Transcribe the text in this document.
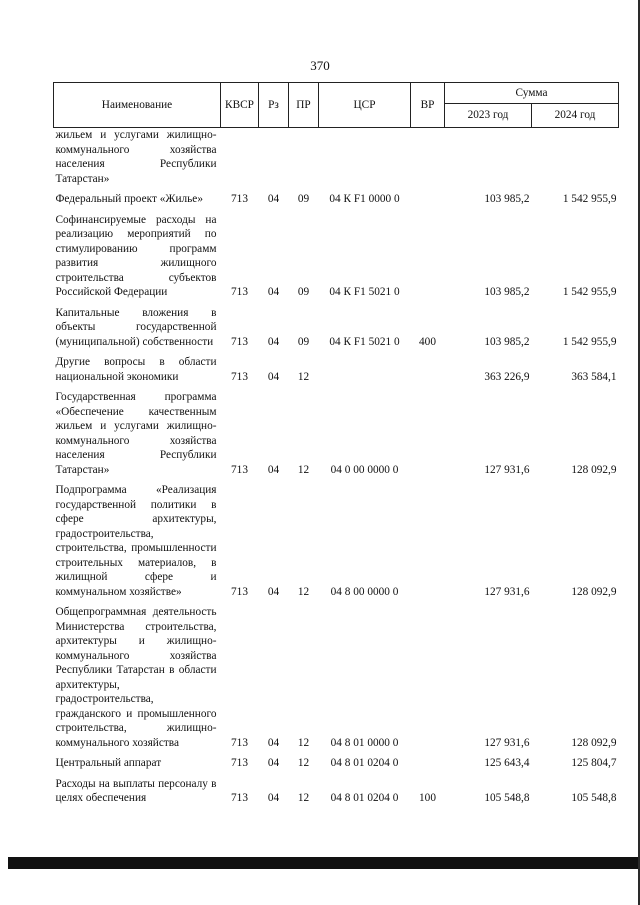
370
Наименование	КВСР	Рз	ПР	ЦСР	ВР	Сумма	
						2023 год	2024 год
жильем и услугами жилищно-коммунального хозяйства населения Республики Татарстан»							
Федеральный проект «Жилье»	713	04	09	04 К F1 0000 0		103 985,2	1 542 955,9
Софинансируемые расходы на реализацию мероприятий по стимулированию программ развития жилищного строительства субъектов Российской Федерации	713	04	09	04 К F1 5021 0		103 985,2	1 542 955,9
Капитальные вложения в объекты государственной (муниципальной) собственности	713	04	09	04 К F1 5021 0	400	103 985,2	1 542 955,9
Другие вопросы в области национальной экономики	713	04	12			363 226,9	363 584,1
Государственная программа «Обеспечение качественным жильем и услугами жилищно-коммунального хозяйства населения Республики Татарстан»	713	04	12	04 0 00 0000 0		127 931,6	128 092,9
Подпрограмма «Реализация государственной политики в сфере архитектуры, градостроительства, строительства, промышленности строительных материалов, в жилищной сфере и коммунальном хозяйстве»	713	04	12	04 8 00 0000 0		127 931,6	128 092,9
Общепрограммная деятельность Министерства строительства, архитектуры и жилищно-коммунального хозяйства Республики Татарстан в области архитектуры, градостроительства, гражданского и промышленного строительства, жилищно-коммунального хозяйства	713	04	12	04 8 01 0000 0		127 931,6	128 092,9
Центральный аппарат	713	04	12	04 8 01 0204 0		125 643,4	125 804,7
Расходы на выплаты персоналу в целях обеспечения	713	04	12	04 8 01 0204 0	100	105 548,8	105 548,8
